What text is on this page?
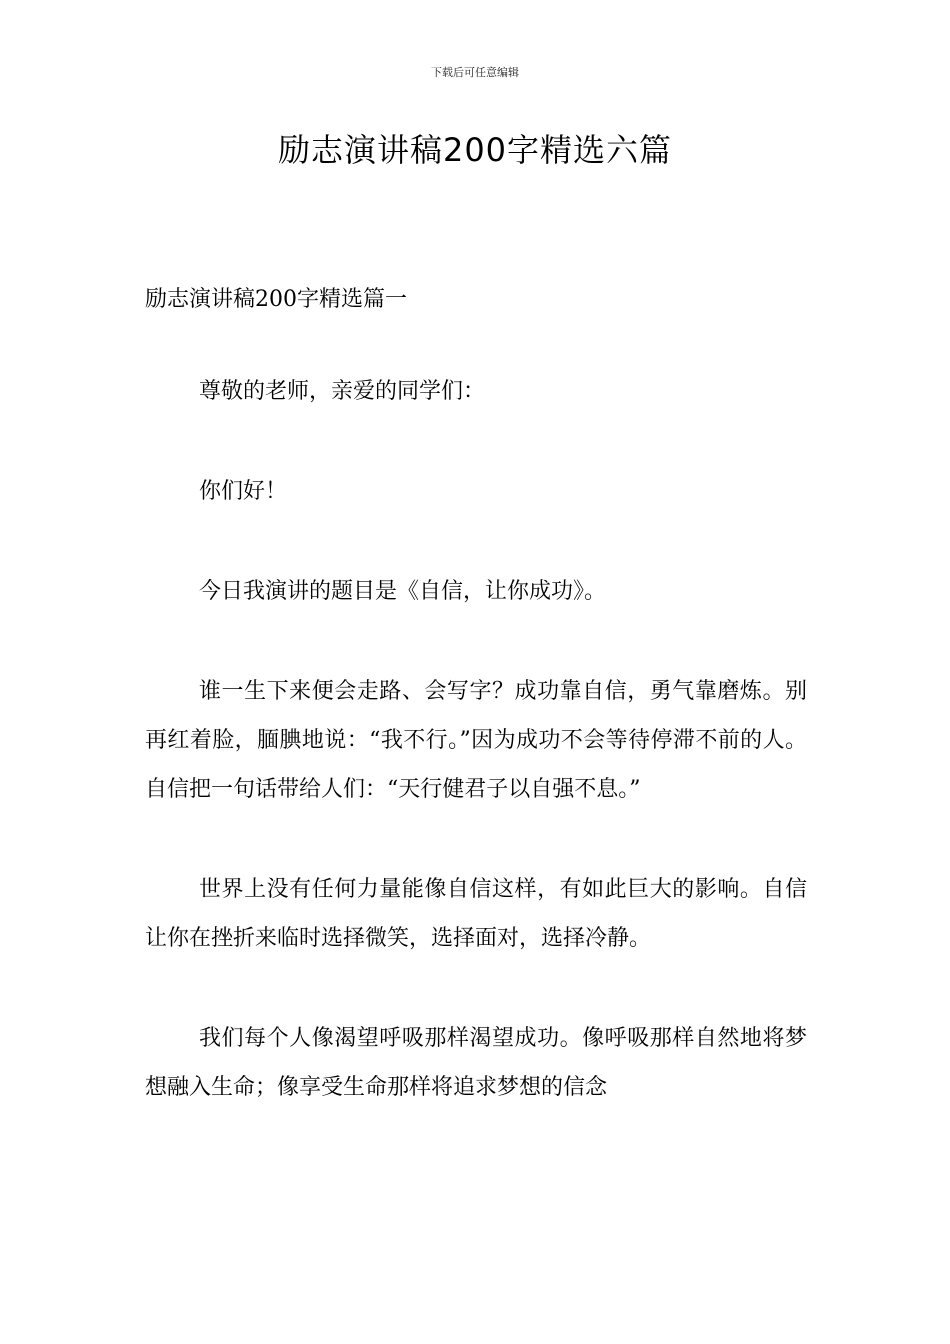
下载后可任意编辑
励志演讲稿200字精选六篇
励志演讲稿200字精选篇一

尊敬的老师，亲爱的同学们：

你们好！

今日我演讲的题目是《自信，让你成功》。

谁一生下来便会走路、会写字？成功靠自信，勇气靠磨炼。别再红着脸，腼腆地说：“我不行。”因为成功不会等待停滞不前的人。自信把一句话带给人们：“天行健君子以自强不息。”

世界上没有任何力量能像自信这样，有如此巨大的影响。自信让你在挫折来临时选择微笑，选择面对，选择冷静。

我们每个人像渴望呼吸那样渴望成功。像呼吸那样自然地将梦想融入生命；像享受生命那样将追求梦想的信念
